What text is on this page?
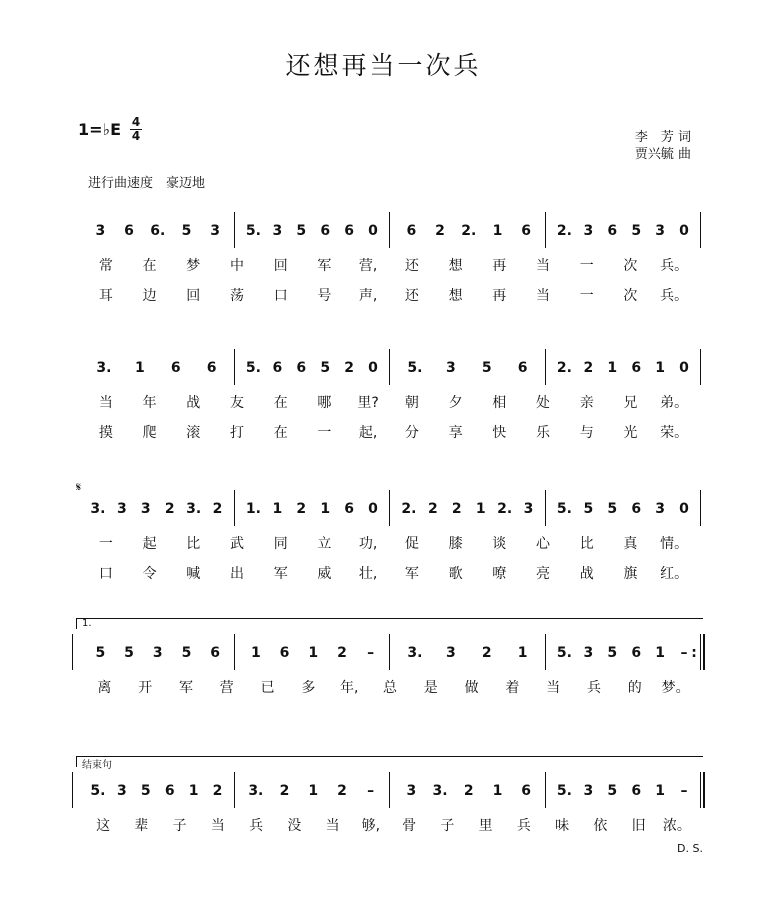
还想再当一次兵
1=♭E 4
4	李　芳 词
贾兴毓 曲
进行曲速度　豪迈地
3 6 6. 5 3 5. 3 5 6 6 0 6 2 2. 1 6 2. 3 6 5 3 0
常 在 梦 中 回 军 营, 还 想 再 当 一 次 兵。
耳 边 回 荡 口 号 声, 还 想 再 当 一 次 兵。
3. 1 6 6 5. 6 6 5 2 0 5. 3 5 6 2. 2 1 6 1 0
当 年 战 友 在 哪 里? 朝 夕 相 处 亲 兄 弟。
摸 爬 滚 打 在 一 起, 分 享 快 乐 与 光 荣。
3. 3 3 2 3. 2 1. 1 2 1 6 0 2. 2 2 1 2. 3 5. 5 5 6 3 0
一 起 比 武 同 立 功, 促 膝 谈 心 比 真 情。
口 令 喊 出 军 威 壮, 军 歌 嘹 亮 战 旗 红。
𝄋
5 5 3 5 6 1 6 1 2 – 3. 3 2 1 5. 3 5 6 1 – :
离 开 军 营 已 多 年, 总 是 做 着 当 兵 的 梦。
1.
5. 3 5 6 1 2 3. 2 1 2 – 3 3. 2 1 6 5. 3 5 6 1 –
这 辈 子 当 兵 没 当 够, 骨 子 里 兵 味 依 旧 浓。
结束句
D. S.
